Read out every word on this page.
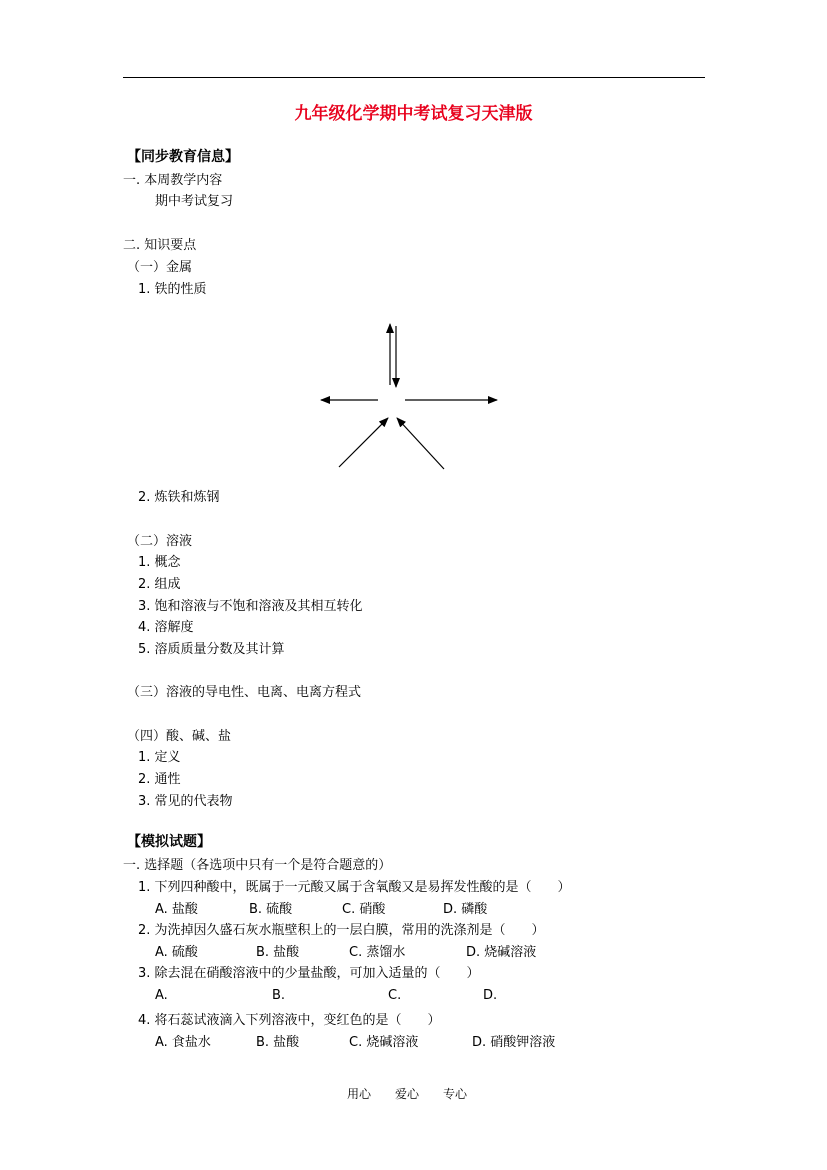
九年级化学期中考试复习天津版
【同步教育信息】
一. 本周教学内容
期中考试复习
二. 知识要点
（一）金属
1. 铁的性质
2. 炼铁和炼钢
（二）溶液
1. 概念
2. 组成
3. 饱和溶液与不饱和溶液及其相互转化
4. 溶解度
5. 溶质质量分数及其计算
（三）溶液的导电性、电离、电离方程式
（四）酸、碱、盐
1. 定义
2. 通性
3. 常见的代表物
【模拟试题】
一. 选择题（各选项中只有一个是符合题意的）
1. 下列四种酸中，既属于一元酸又属于含氧酸又是易挥发性酸的是（　　）
A. 盐酸	B. 硫酸	C. 硝酸	D. 磷酸
2. 为洗掉因久盛石灰水瓶壁积上的一层白膜，常用的洗涤剂是（　　）
A. 硫酸	B. 盐酸	C. 蒸馏水	D. 烧碱溶液
3. 除去混在硝酸溶液中的少量盐酸，可加入适量的（　　）
A.	B.	C.	D.
4. 将石蕊试液滴入下列溶液中，变红色的是（　　）
A. 食盐水	B. 盐酸	C. 烧碱溶液	D. 硝酸钾溶液
用心　　爱心　　专心
